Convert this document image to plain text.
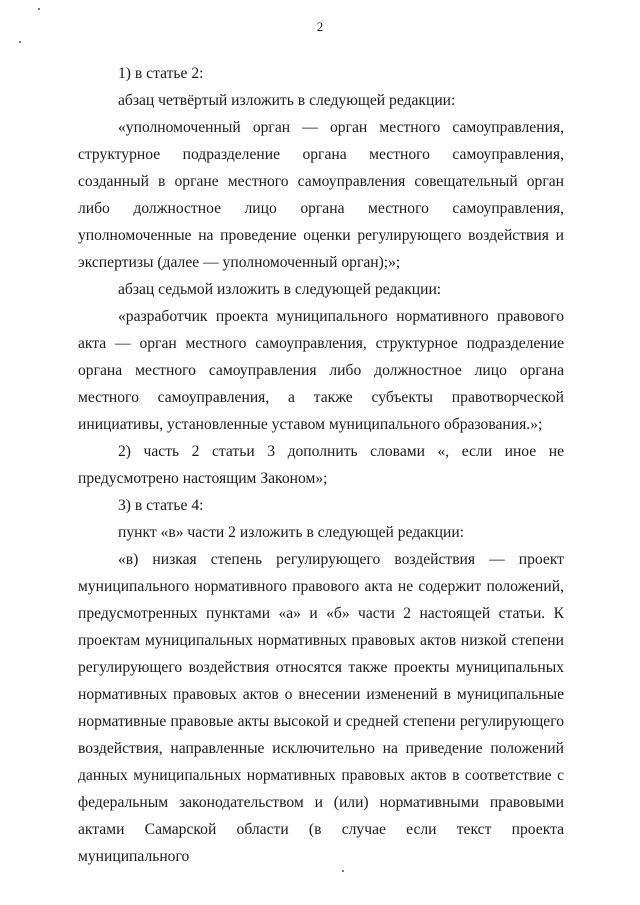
2

1) в статье 2:

абзац четвёртый изложить в следующей редакции:

«уполномоченный орган — орган местного самоуправления, структурное подразделение органа местного самоуправления, созданный в органе местного самоуправления совещательный орган либо должностное лицо органа местного самоуправления, уполномоченные на проведение оценки регулирующего воздействия и экспертизы (далее — уполномоченный орган);»;

абзац седьмой изложить в следующей редакции:

«разработчик проекта муниципального нормативного правового акта — орган местного самоуправления, структурное подразделение органа местного самоуправления либо должностное лицо органа местного самоуправления, а также субъекты правотворческой инициативы, установленные уставом муниципального образования.»;

2) часть 2 статьи 3 дополнить словами «, если иное не предусмотрено настоящим Законом»;

3) в статье 4:

пункт «в» части 2 изложить в следующей редакции:

«в) низкая степень регулирующего воздействия — проект муниципального нормативного правового акта не содержит положений, предусмотренных пунктами «а» и «б» части 2 настоящей статьи. К проектам муниципальных нормативных правовых актов низкой степени регулирующего воздействия относятся также проекты муниципальных нормативных правовых актов о внесении изменений в муниципальные нормативные правовые акты высокой и средней степени регулирующего воздействия, направленные исключительно на приведение положений данных муниципальных нормативных правовых актов в соответствие с федеральным законодательством и (или) нормативными правовыми актами Самарской области (в случае если текст проекта муниципального
